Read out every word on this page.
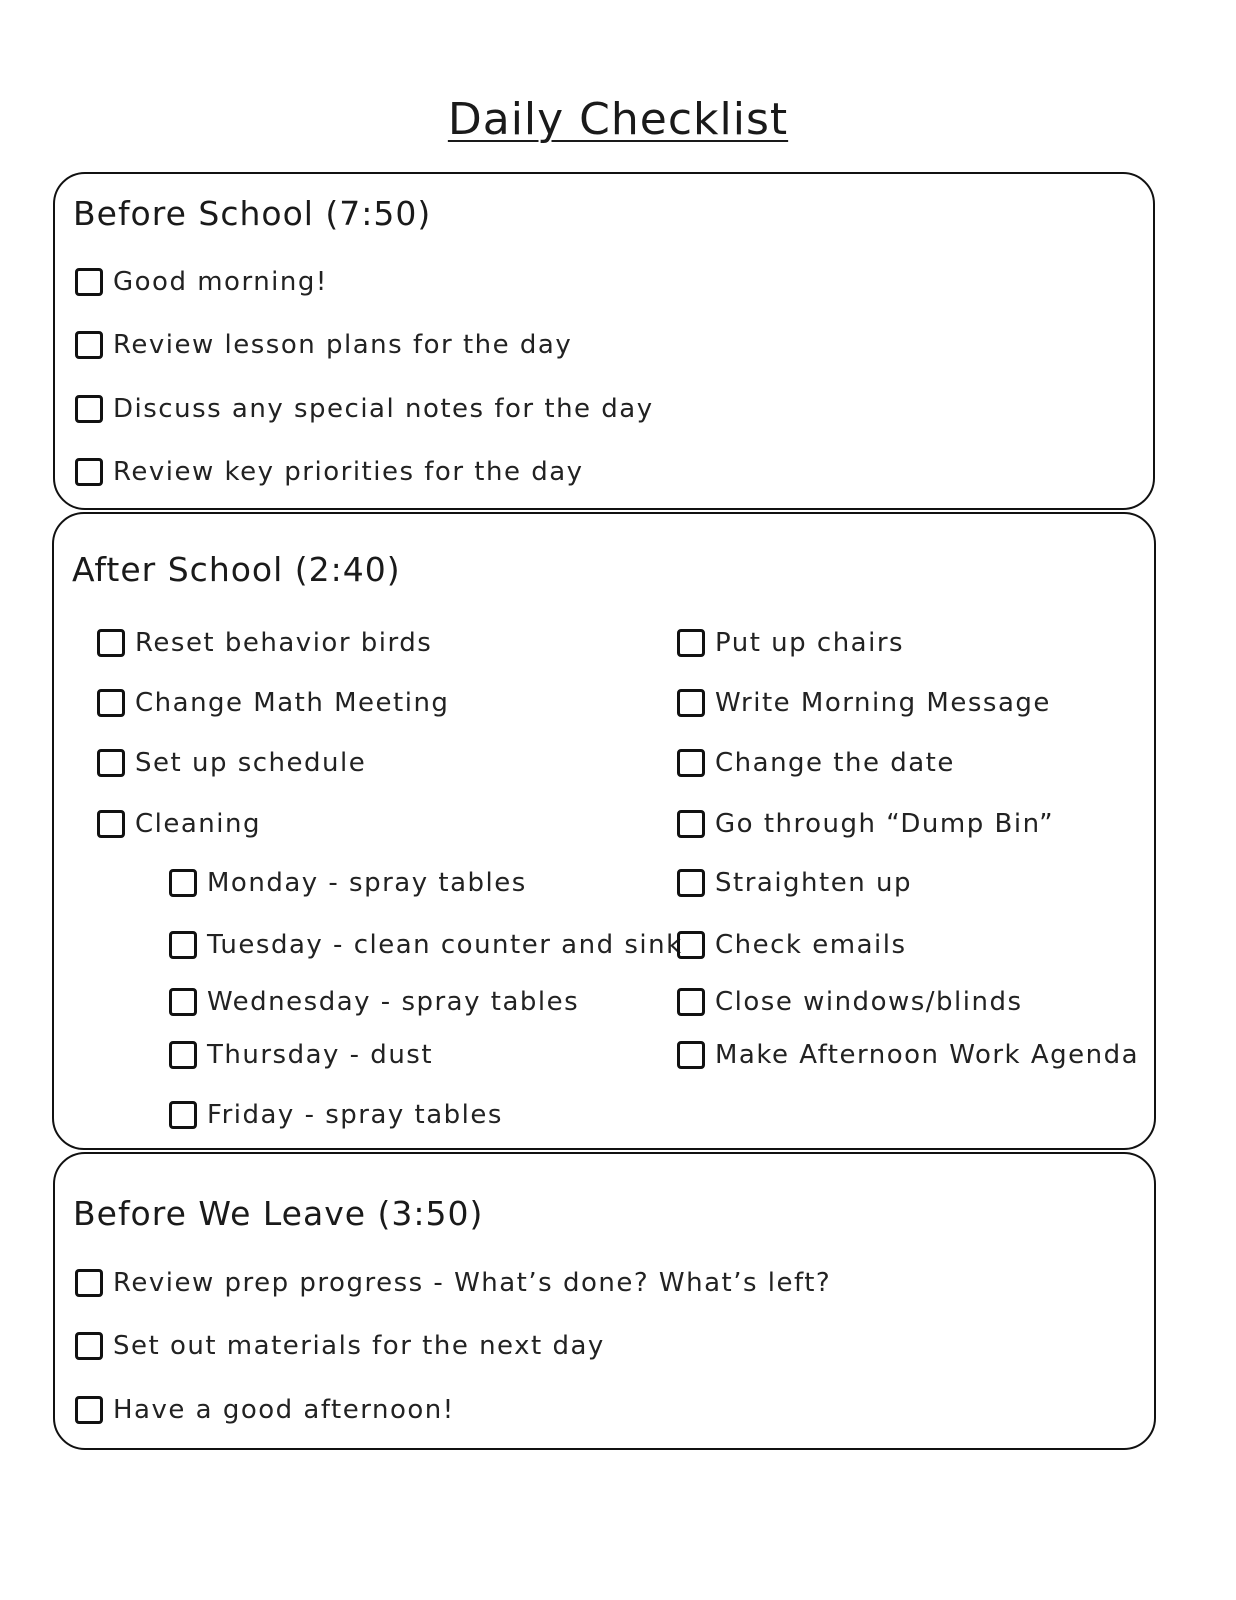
Daily Checklist
Before School (7:50)
Good morning!
Review lesson plans for the day
Discuss any special notes for the day
Review key priorities for the day
After School (2:40)
Reset behavior birds
Change Math Meeting
Set up schedule
Cleaning
Monday - spray tables
Tuesday - clean counter and sink
Wednesday - spray tables
Thursday - dust
Friday - spray tables
Put up chairs
Write Morning Message
Change the date
Go through “Dump Bin”
Straighten up
Check emails
Close windows/blinds
Make Afternoon Work Agenda
Before We Leave (3:50)
Review prep progress - What’s done? What’s left?
Set out materials for the next day
Have a good afternoon!
